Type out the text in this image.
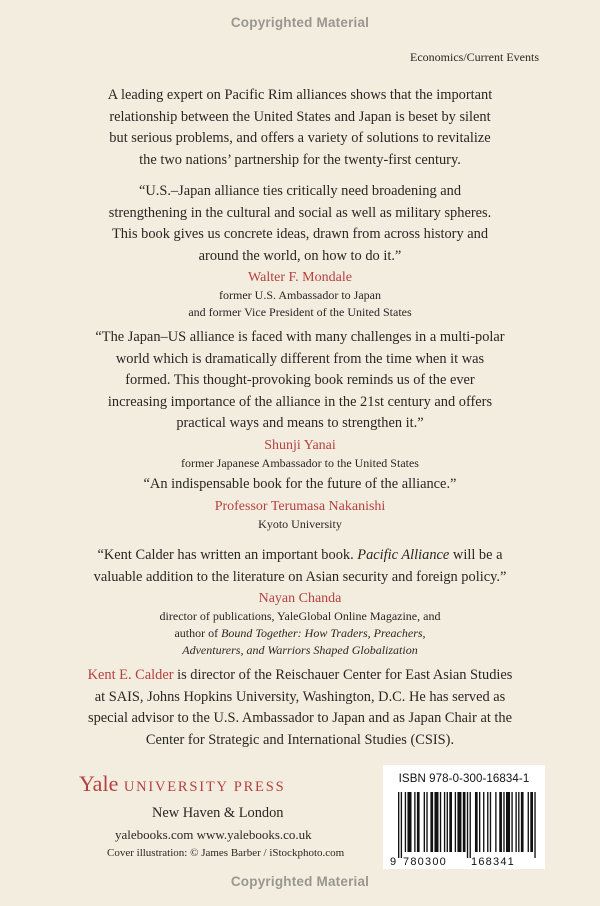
Copyrighted Material
Economics/Current Events

A leading expert on Pacific Rim alliances shows that the important relationship between the United States and Japan is beset by silent but serious problems, and offers a variety of solutions to revitalize the two nations’ partnership for the twenty-first century.

“U.S.–Japan alliance ties critically need broadening and strengthening in the cultural and social as well as military spheres. This book gives us concrete ideas, drawn from across history and around the world, on how to do it.”

Walter F. Mondale
former U.S. Ambassador to Japan
and former Vice President of the United States

“The Japan–US alliance is faced with many challenges in a multi-polar world which is dramatically different from the time when it was formed. This thought-provoking book reminds us of the ever increasing importance of the alliance in the 21st century and offers practical ways and means to strengthen it.”

Shunji Yanai
former Japanese Ambassador to the United States

“An indispensable book for the future of the alliance.”

Professor Terumasa Nakanishi
Kyoto University

“Kent Calder has written an important book. Pacific Alliance will be a valuable addition to the literature on Asian security and foreign policy.”

Nayan Chanda
director of publications, YaleGlobal Online Magazine, and
author of Bound Together: How Traders, Preachers,
Adventurers, and Warriors Shaped Globalization

Kent E. Calder is director of the Reischauer Center for East Asian Studies at SAIS, Johns Hopkins University, Washington, D.C. He has served as special advisor to the U.S. Ambassador to Japan and as Japan Chair at the Center for Strategic and International Studies (CSIS).

Yale UNIVERSITY PRESS
New Haven & London
yalebooks.com www.yalebooks.co.uk
Cover illustration: © James Barber / iStockphoto.com
ISBN 978-0-300-16834-1
9 780300 168341
Copyrighted Material
